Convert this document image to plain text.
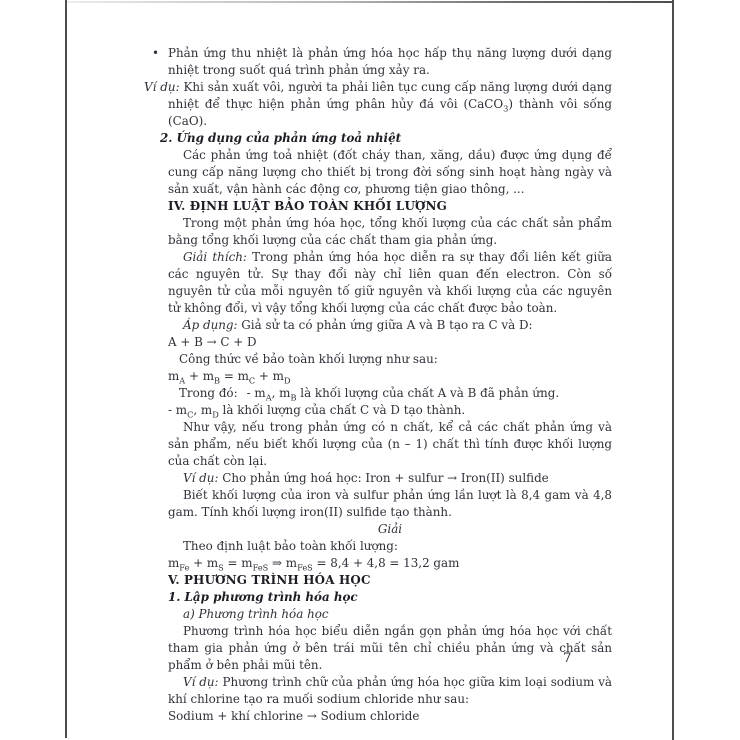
• Phản ứng thu nhiệt là phản ứng hóa học hấp thụ năng lượng dưới dạng nhiệt trong suốt quá trình phản ứng xảy ra.

Ví dụ: Khi sản xuất vôi, người ta phải liên tục cung cấp năng lượng dưới dạng nhiệt để thực hiện phản ứng phân hủy đá vôi (CaCO$_3$) thành vôi sống (CaO).

2. Ứng dụng của phản ứng toả nhiệt

Các phản ứng toả nhiệt (đốt cháy than, xăng, dầu) được ứng dụng để cung cấp năng lượng cho thiết bị trong đời sống sinh hoạt hàng ngày và sản xuất, vận hành các động cơ, phương tiện giao thông, ...

IV. ĐỊNH LUẬT BẢO TOÀN KHỐI LƯỢNG

Trong một phản ứng hóa học, tổng khối lượng của các chất sản phẩm bằng tổng khối lượng của các chất tham gia phản ứng.

Giải thích: Trong phản ứng hóa học diễn ra sự thay đổi liên kết giữa các nguyên tử. Sự thay đổi này chỉ liên quan đến electron. Còn số nguyên tử của mỗi nguyên tố giữ nguyên và khối lượng của các nguyên tử không đổi, vì vậy tổng khối lượng của các chất được bảo toàn.

Áp dụng: Giả sử ta có phản ứng giữa A và B tạo ra C và D:

A + B → C + D

Công thức về bảo toàn khối lượng như sau:

$m_A + m_B = m_C + m_D$

Trong đó: - $m_A$, $m_B$ là khối lượng của chất A và B đã phản ứng.

- $m_C$, $m_D$ là khối lượng của chất C và D tạo thành.

Như vậy, nếu trong phản ứng có n chất, kể cả các chất phản ứng và sản phẩm, nếu biết khối lượng của (n – 1) chất thì tính được khối lượng của chất còn lại.

Ví dụ: Cho phản ứng hoá học: Iron + sulfur → Iron(II) sulfide

Biết khối lượng của iron và sulfur phản ứng lần lượt là 8,4 gam và 4,8 gam. Tính khối lượng iron(II) sulfide tạo thành.

Giải

Theo định luật bảo toàn khối lượng:

$m_{Fe} + m_S = m_{FeS}$ ⇒ $m_{FeS} = 8,4 + 4,8 = 13,2$ gam

V. PHƯƠNG TRÌNH HÓA HỌC
1. Lập phương trình hóa học

a) Phương trình hóa học

Phương trình hóa học biểu diễn ngắn gọn phản ứng hóa học với chất tham gia phản ứng ở bên trái mũi tên chỉ chiều phản ứng và chất sản phẩm ở bên phải mũi tên.

Ví dụ: Phương trình chữ của phản ứng hóa học giữa kim loại sodium và khí chlorine tạo ra muối sodium chloride như sau:

Sodium + khí chlorine → Sodium chloride

7
